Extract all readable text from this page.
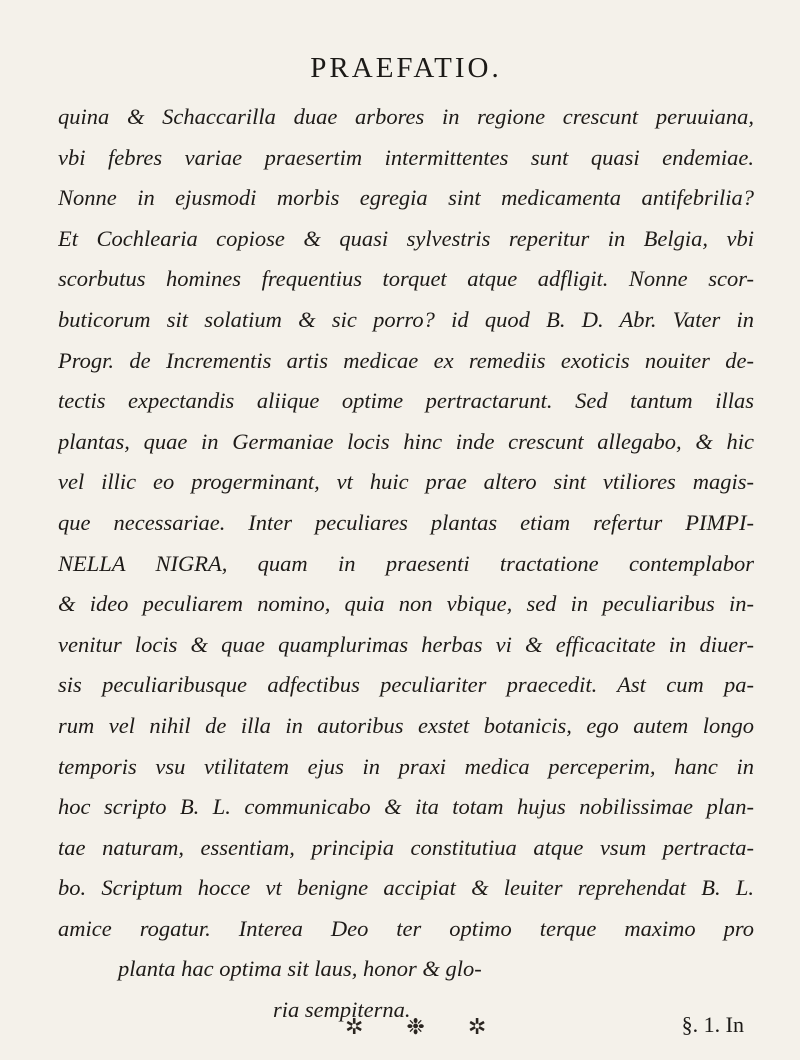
PRAEFATIO.
quina & Schaccarilla duae arbores in regione crescunt peruuiana,
vbi febres variae praesertim intermittentes sunt quasi endemiae.
Nonne in ejusmodi morbis egregia sint medicamenta antifebrilia?
Et Cochlearia copiose & quasi sylvestris reperitur in Belgia, vbi
scorbutus homines frequentius torquet atque adfligit. Nonne scor-
buticorum sit solatium & sic porro? id quod B. D. Abr. Vater in
Progr. de Incrementis artis medicae ex remediis exoticis nouiter de-
tectis expectandis aliique optime pertractarunt. Sed tantum illas
plantas, quae in Germaniae locis hinc inde crescunt allegabo, & hic
vel illic eo progerminant, vt huic prae altero sint vtiliores magis-
que necessariae. Inter peculiares plantas etiam refertur PIMPI-
NELLA NIGRA, quam in praesenti tractatione contemplabor
& ideo peculiarem nomino, quia non vbique, sed in peculiaribus in-
venitur locis & quae quamplurimas herbas vi & efficacitate in diuer-
sis peculiaribusque adfectibus peculiariter praecedit. Ast cum pa-
rum vel nihil de illa in autoribus exstet botanicis, ego autem longo
temporis vsu vtilitatem ejus in praxi medica perceperim, hanc in
hoc scripto B. L. communicabo & ita totam hujus nobilissimae plan-
tae naturam, essentiam, principia constitutiua atque vsum pertracta-
bo. Scriptum hocce vt benigne accipiat & leuiter reprehendat B. L.
amice rogatur. Interea Deo ter optimo terque maximo pro
planta hac optima sit laus, honor & glo-
ria sempiterna.
✲ ❉ ✲	§. 1. In
